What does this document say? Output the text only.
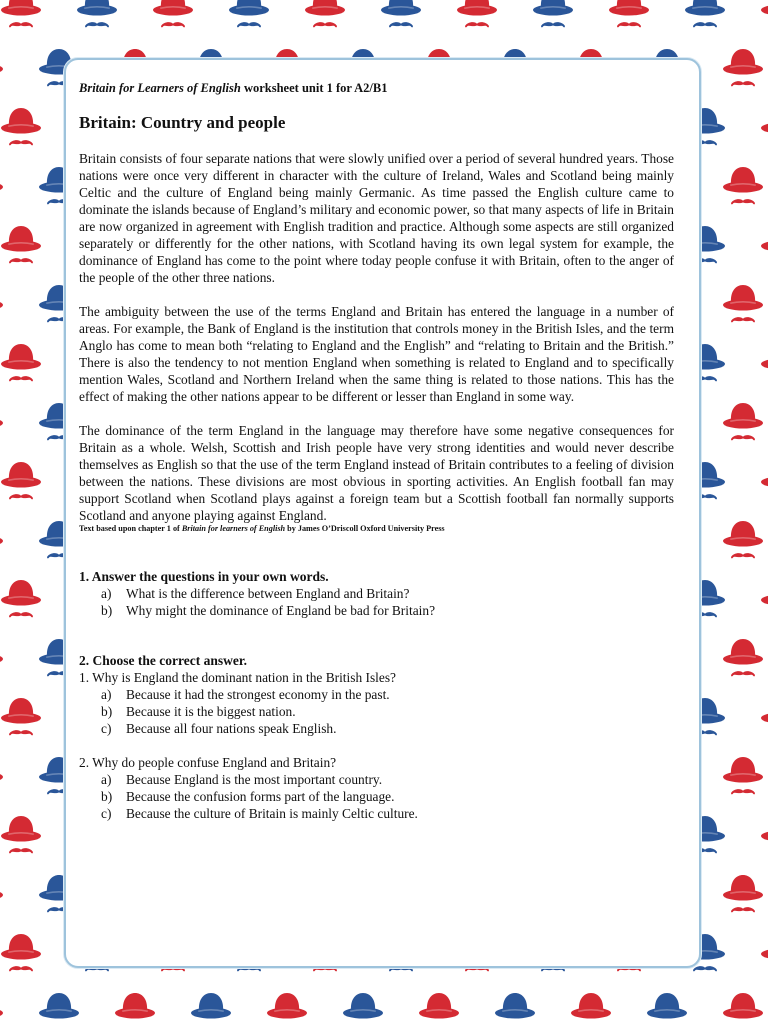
Britain for Learners of English worksheet unit 1 for A2/B1

Britain: Country and people

Britain consists of four separate nations that were slowly unified over a period of several hundred years. Those nations were once very different in character with the culture of Ireland, Wales and Scotland being mainly Celtic and the culture of England being mainly Germanic. As time passed the English culture came to dominate the islands because of England’s military and economic power, so that many aspects of life in Britain are now organized in agreement with English tradition and practice. Although some aspects are still organized separately or differently for the other nations, with Scotland having its own legal system for example, the dominance of England has come to the point where today people confuse it with Britain, often to the anger of the people of the other three nations.

The ambiguity between the use of the terms England and Britain has entered the language in a number of areas. For example, the Bank of England is the institution that controls money in the British Isles, and the term Anglo has come to mean both “relating to England and the English” and “relating to Britain and the British.” There is also the tendency to not mention England when something is related to England and to specifically mention Wales, Scotland and Northern Ireland when the same thing is related to those nations. This has the effect of making the other nations appear to be different or lesser than England in some way.

The dominance of the term England in the language may therefore have some negative consequences for Britain as a whole. Welsh, Scottish and Irish people have very strong identities and would never describe themselves as English so that the use of the term England instead of Britain contributes to a feeling of division between the nations. These divisions are most obvious in sporting activities. An English football fan may support Scotland when Scotland plays against a foreign team but a Scottish football fan normally supports Scotland and anyone playing against England.

Text based upon chapter 1 of Britain for learners of English by James O’Driscoll Oxford University Press

1. Answer the questions in your own words.

a)	What is the difference between England and Britain?
b)	Why might the dominance of England be bad for Britain?

2. Choose the correct answer.

1. Why is England the dominant nation in the British Isles?

a)	Because it had the strongest economy in the past.
b)	Because it is the biggest nation.
c)	Because all four nations speak English.

2. Why do people confuse England and Britain?

a)	Because England is the most important country.
b)	Because the confusion forms part of the language.
c)	Because the culture of Britain is mainly Celtic culture.
